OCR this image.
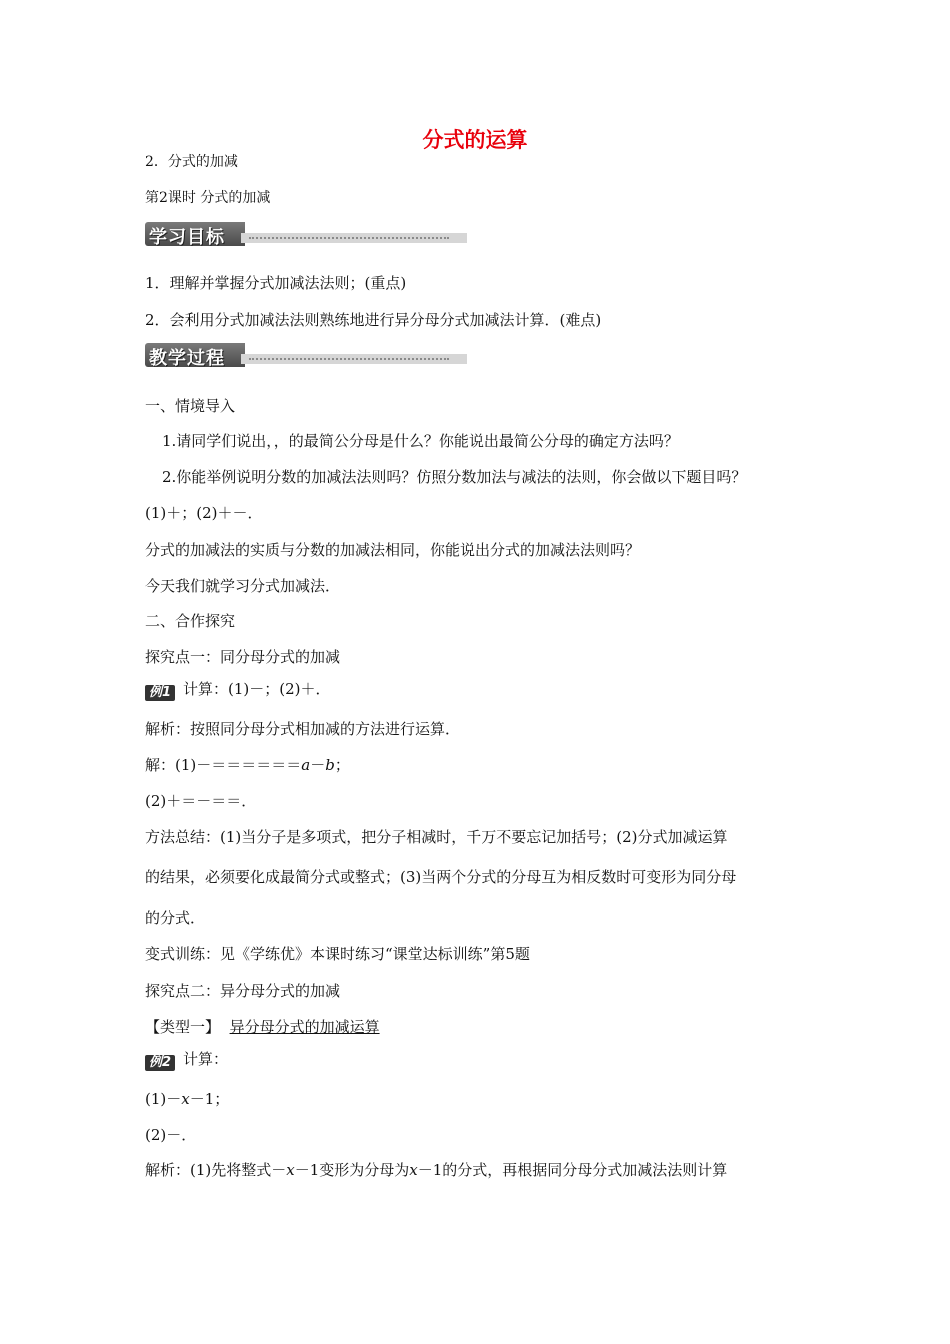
分式的运算
2．分式的加减
第2课时 分式的加减
学习目标
1．理解并掌握分式加减法法则；(重点)
2．会利用分式加减法法则熟练地进行异分母分式加减法计算．(难点)
教学过程
一、情境导入
1.请同学们说出，，的最简公分母是什么？你能说出最简公分母的确定方法吗？
2.你能举例说明分数的加减法法则吗？仿照分数加法与减法的法则，你会做以下题目吗？
(1)＋；(2)＋－．
分式的加减法的实质与分数的加减法相同，你能说出分式的加减法法则吗？
今天我们就学习分式加减法．
二、合作探究
探究点一：同分母分式的加减
例1 计算：(1)－；(2)＋．
解析：按照同分母分式相加减的方法进行运算．
解：(1)－＝＝＝＝＝＝a－b；
(2)＋＝－＝＝．
方法总结：(1)当分子是多项式，把分子相减时，千万不要忘记加括号；(2)分式加减运算
的结果，必须要化成最简分式或整式；(3)当两个分式的分母互为相反数时可变形为同分母
的分式．
变式训练：见《学练优》本课时练习“课堂达标训练”第5题
探究点二：异分母分式的加减
【类型一】 异分母分式的加减运算
例2 计算：
(1)－x－1；
(2)－．
解析：(1)先将整式－x－1变形为分母为x－1的分式，再根据同分母分式加减法法则计算
